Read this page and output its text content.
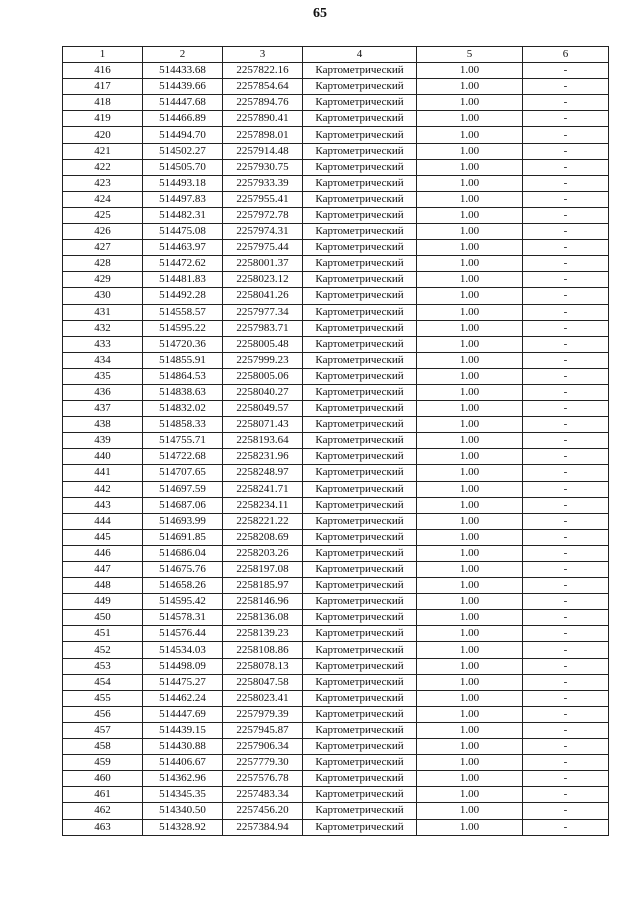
65
1	2	3	4	5	6
416	514433.68	2257822.16	Картометрический	1.00	-
417	514439.66	2257854.64	Картометрический	1.00	-
418	514447.68	2257894.76	Картометрический	1.00	-
419	514466.89	2257890.41	Картометрический	1.00	-
420	514494.70	2257898.01	Картометрический	1.00	-
421	514502.27	2257914.48	Картометрический	1.00	-
422	514505.70	2257930.75	Картометрический	1.00	-
423	514493.18	2257933.39	Картометрический	1.00	-
424	514497.83	2257955.41	Картометрический	1.00	-
425	514482.31	2257972.78	Картометрический	1.00	-
426	514475.08	2257974.31	Картометрический	1.00	-
427	514463.97	2257975.44	Картометрический	1.00	-
428	514472.62	2258001.37	Картометрический	1.00	-
429	514481.83	2258023.12	Картометрический	1.00	-
430	514492.28	2258041.26	Картометрический	1.00	-
431	514558.57	2257977.34	Картометрический	1.00	-
432	514595.22	2257983.71	Картометрический	1.00	-
433	514720.36	2258005.48	Картометрический	1.00	-
434	514855.91	2257999.23	Картометрический	1.00	-
435	514864.53	2258005.06	Картометрический	1.00	-
436	514838.63	2258040.27	Картометрический	1.00	-
437	514832.02	2258049.57	Картометрический	1.00	-
438	514858.33	2258071.43	Картометрический	1.00	-
439	514755.71	2258193.64	Картометрический	1.00	-
440	514722.68	2258231.96	Картометрический	1.00	-
441	514707.65	2258248.97	Картометрический	1.00	-
442	514697.59	2258241.71	Картометрический	1.00	-
443	514687.06	2258234.11	Картометрический	1.00	-
444	514693.99	2258221.22	Картометрический	1.00	-
445	514691.85	2258208.69	Картометрический	1.00	-
446	514686.04	2258203.26	Картометрический	1.00	-
447	514675.76	2258197.08	Картометрический	1.00	-
448	514658.26	2258185.97	Картометрический	1.00	-
449	514595.42	2258146.96	Картометрический	1.00	-
450	514578.31	2258136.08	Картометрический	1.00	-
451	514576.44	2258139.23	Картометрический	1.00	-
452	514534.03	2258108.86	Картометрический	1.00	-
453	514498.09	2258078.13	Картометрический	1.00	-
454	514475.27	2258047.58	Картометрический	1.00	-
455	514462.24	2258023.41	Картометрический	1.00	-
456	514447.69	2257979.39	Картометрический	1.00	-
457	514439.15	2257945.87	Картометрический	1.00	-
458	514430.88	2257906.34	Картометрический	1.00	-
459	514406.67	2257779.30	Картометрический	1.00	-
460	514362.96	2257576.78	Картометрический	1.00	-
461	514345.35	2257483.34	Картометрический	1.00	-
462	514340.50	2257456.20	Картометрический	1.00	-
463	514328.92	2257384.94	Картометрический	1.00	-
